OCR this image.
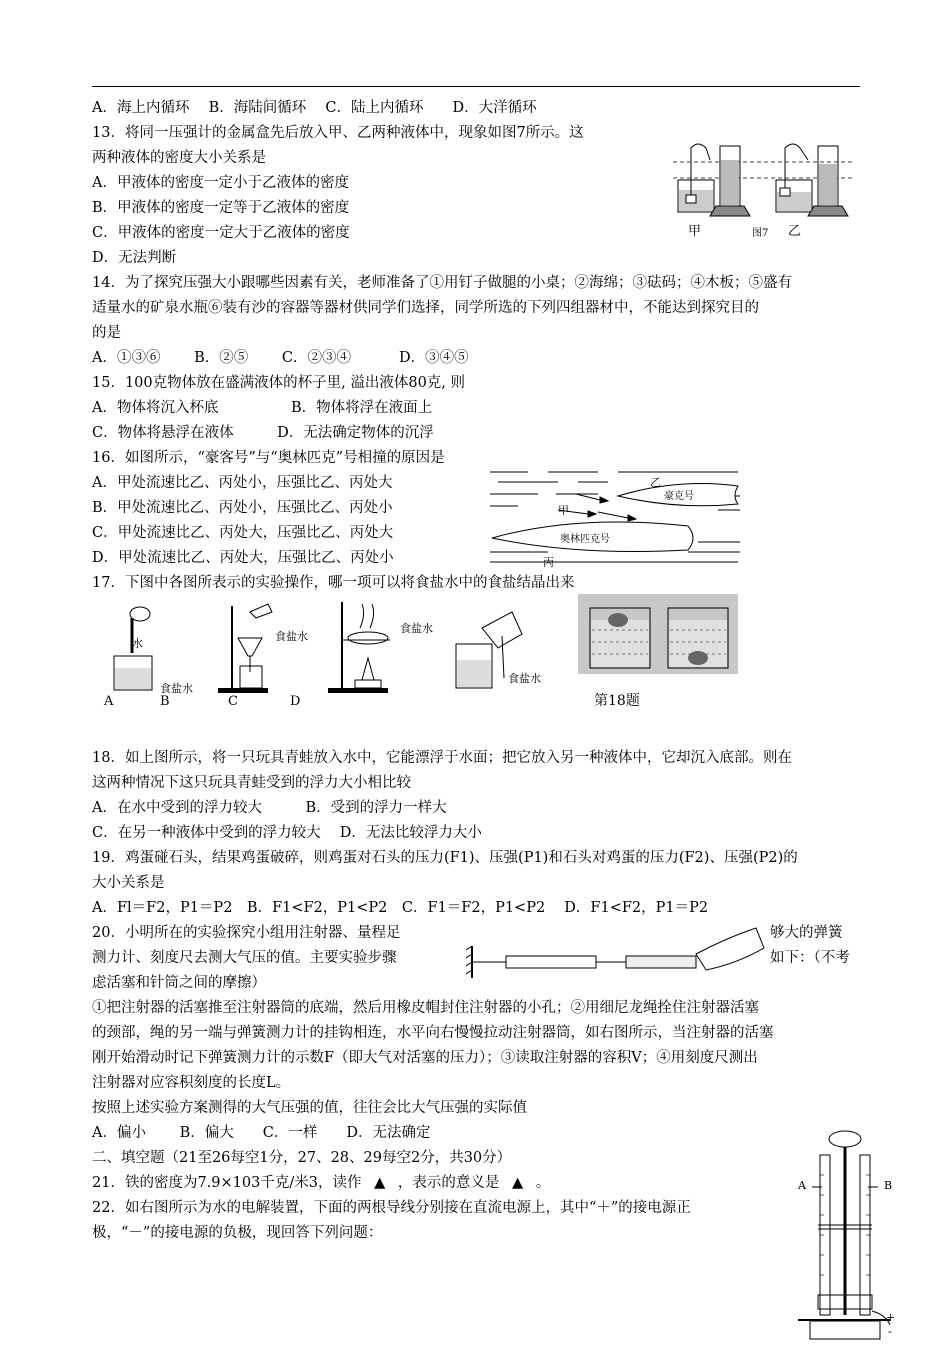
A．海上内循环　 B．海陆间循环　 C．陆上内循环　　D．大洋循环
13．将同一压强计的金属盒先后放入甲、乙两种液体中，现象如图7所示。这
两种液体的密度大小关系是
A．甲液体的密度一定小于乙液体的密度
B．甲液体的密度一定等于乙液体的密度
C．甲液体的密度一定大于乙液体的密度
D．无法判断
甲	图7 乙
14．为了探究压强大小跟哪些因素有关，老师准备了①用钉子做腿的小桌；②海绵；③砝码；④木板；⑤盛有
适量水的矿泉水瓶⑥装有沙的容器等器材供同学们选择，同学所选的下列四组器材中，不能达到探究目的
的是
A．①③⑥　　 B．②⑤　　 C．②③④　　　 D．③④⑤
15．100克物体放在盛满液体的杯子里, 溢出液体80克, 则
A．物体将沉入杯底　　　　　B．物体将浮在液面上
C．物体将悬浮在液体　　　D．无法确定物体的沉浮
16．如图所示，“豪客号”与“奥林匹克”号相撞的原因是
A．甲处流速比乙、丙处小，压强比乙、丙处大
B．甲处流速比乙、丙处小，压强比乙、丙处小
C．甲处流速比乙、丙处大，压强比乙、丙处大
D．甲处流速比乙、丙处大，压强比乙、丙处小
乙
豪克号
甲
奥林匹克号
丙
17．下图中各图所表示的实验操作，哪一项可以将食盐水中的食盐结晶出来
水
食盐水
食盐水
食盐水
食盐水
A	B	C	D	第18题
18．如上图所示，将一只玩具青蛙放入水中，它能漂浮于水面；把它放入另一种液体中，它却沉入底部。则在
这两种情况下这只玩具青蛙受到的浮力大小相比较
A．在水中受到的浮力较大　　　B．受到的浮力一样大
C．在另一种液体中受到的浮力较大　 D．无法比较浮力大小
19．鸡蛋碰石头，结果鸡蛋破碎，则鸡蛋对石头的压力(F1)、压强(P1)和石头对鸡蛋的压力(F2)、压强(P2)的
大小关系是
A．Fl＝F2，P1＝P2　B．F1<F2，P1<P2　C．F1＝F2，P1<P2　 D．F1<F2，P1＝P2
20．小明所在的实验探究小组用注射器、量程足	够大的弹簧
测力计、刻度尺去测大气压的值。主要实验步骤	如下：（不考
虑活塞和针筒之间的摩擦）
①把注射器的活塞推至注射器筒的底端，然后用橡皮帽封住注射器的小孔；②用细尼龙绳拴住注射器活塞
的颈部，绳的另一端与弹簧测力计的挂钩相连，水平向右慢慢拉动注射器筒，如右图所示，当注射器的活塞
刚开始滑动时记下弹簧测力计的示数F（即大气对活塞的压力）；③读取注射器的容积V；④用刻度尺测出
注射器对应容积刻度的长度L。
按照上述实验方案测得的大气压强的值，往往会比大气压强的实际值
A．偏小　　 B．偏大　　C．一样　　D．无法确定
二、填空题（21至26每空1分，27、28、29每空2分，共30分）
21．铁的密度为7.9×103千克/米3，读作 ▲ ，表示的意义是 ▲ 。
22．如右图所示为水的电解装置，下面的两根导线分别接在直流电源上，其中“＋”的接电源正
极，“－”的接电源的负极，现回答下列问题：
A	B
+
-
